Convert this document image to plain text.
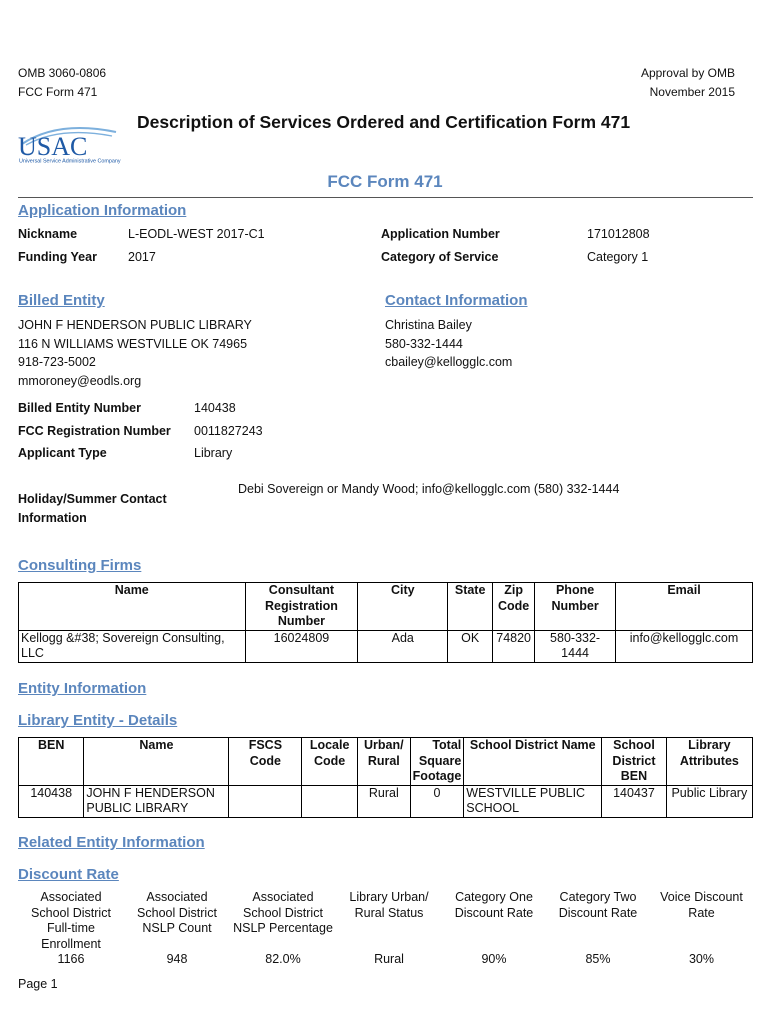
OMB 3060-0806
FCC Form 471
Approval by OMB
November 2015
USAC
Universal Service Administrative Company
Description of Services Ordered and Certification Form 471
FCC Form 471
Application Information
Nickname	L-EODL-WEST 2017-C1	Application Number	171012808
Funding Year 2017	Category of Service	Category 1
Billed Entity
JOHN F HENDERSON PUBLIC LIBRARY
116 N WILLIAMS WESTVILLE OK 74965
918-723-5002
mmoroney@eodls.org
Contact Information
Christina Bailey
580-332-1444
cbailey@kellogglc.com
Billed Entity Number	140438
FCC Registration Number 0011827243
Applicant Type	Library
Holiday/Summer Contact
Information
Debi Sovereign or Mandy Wood; info@kellogglc.com (580) 332-1444
Consulting Firms
Name	Consultant Registration Number	City	State	Zip Code	Phone Number	Email
Kellogg &#38; Sovereign Consulting, LLC	16024809	Ada	OK	74820	580-332-1444	info@kellogglc.com
Entity Information
Library Entity - Details
BEN	Name	FSCS Code	Locale Code	Urban/ Rural	Total Square Footage	School District Name	School District BEN	Library Attributes
140438	JOHN F HENDERSON PUBLIC LIBRARY			Rural	0	WESTVILLE PUBLIC SCHOOL	140437	Public Library
Related Entity Information
Discount Rate
Associated School District Full-time Enrollment	Associated School District NSLP Count	Associated School District NSLP Percentage	Library Urban/ Rural Status	Category One Discount Rate	Category Two Discount Rate	Voice Discount Rate
1166	948	82.0%	Rural	90%	85%	30%
Page 1
